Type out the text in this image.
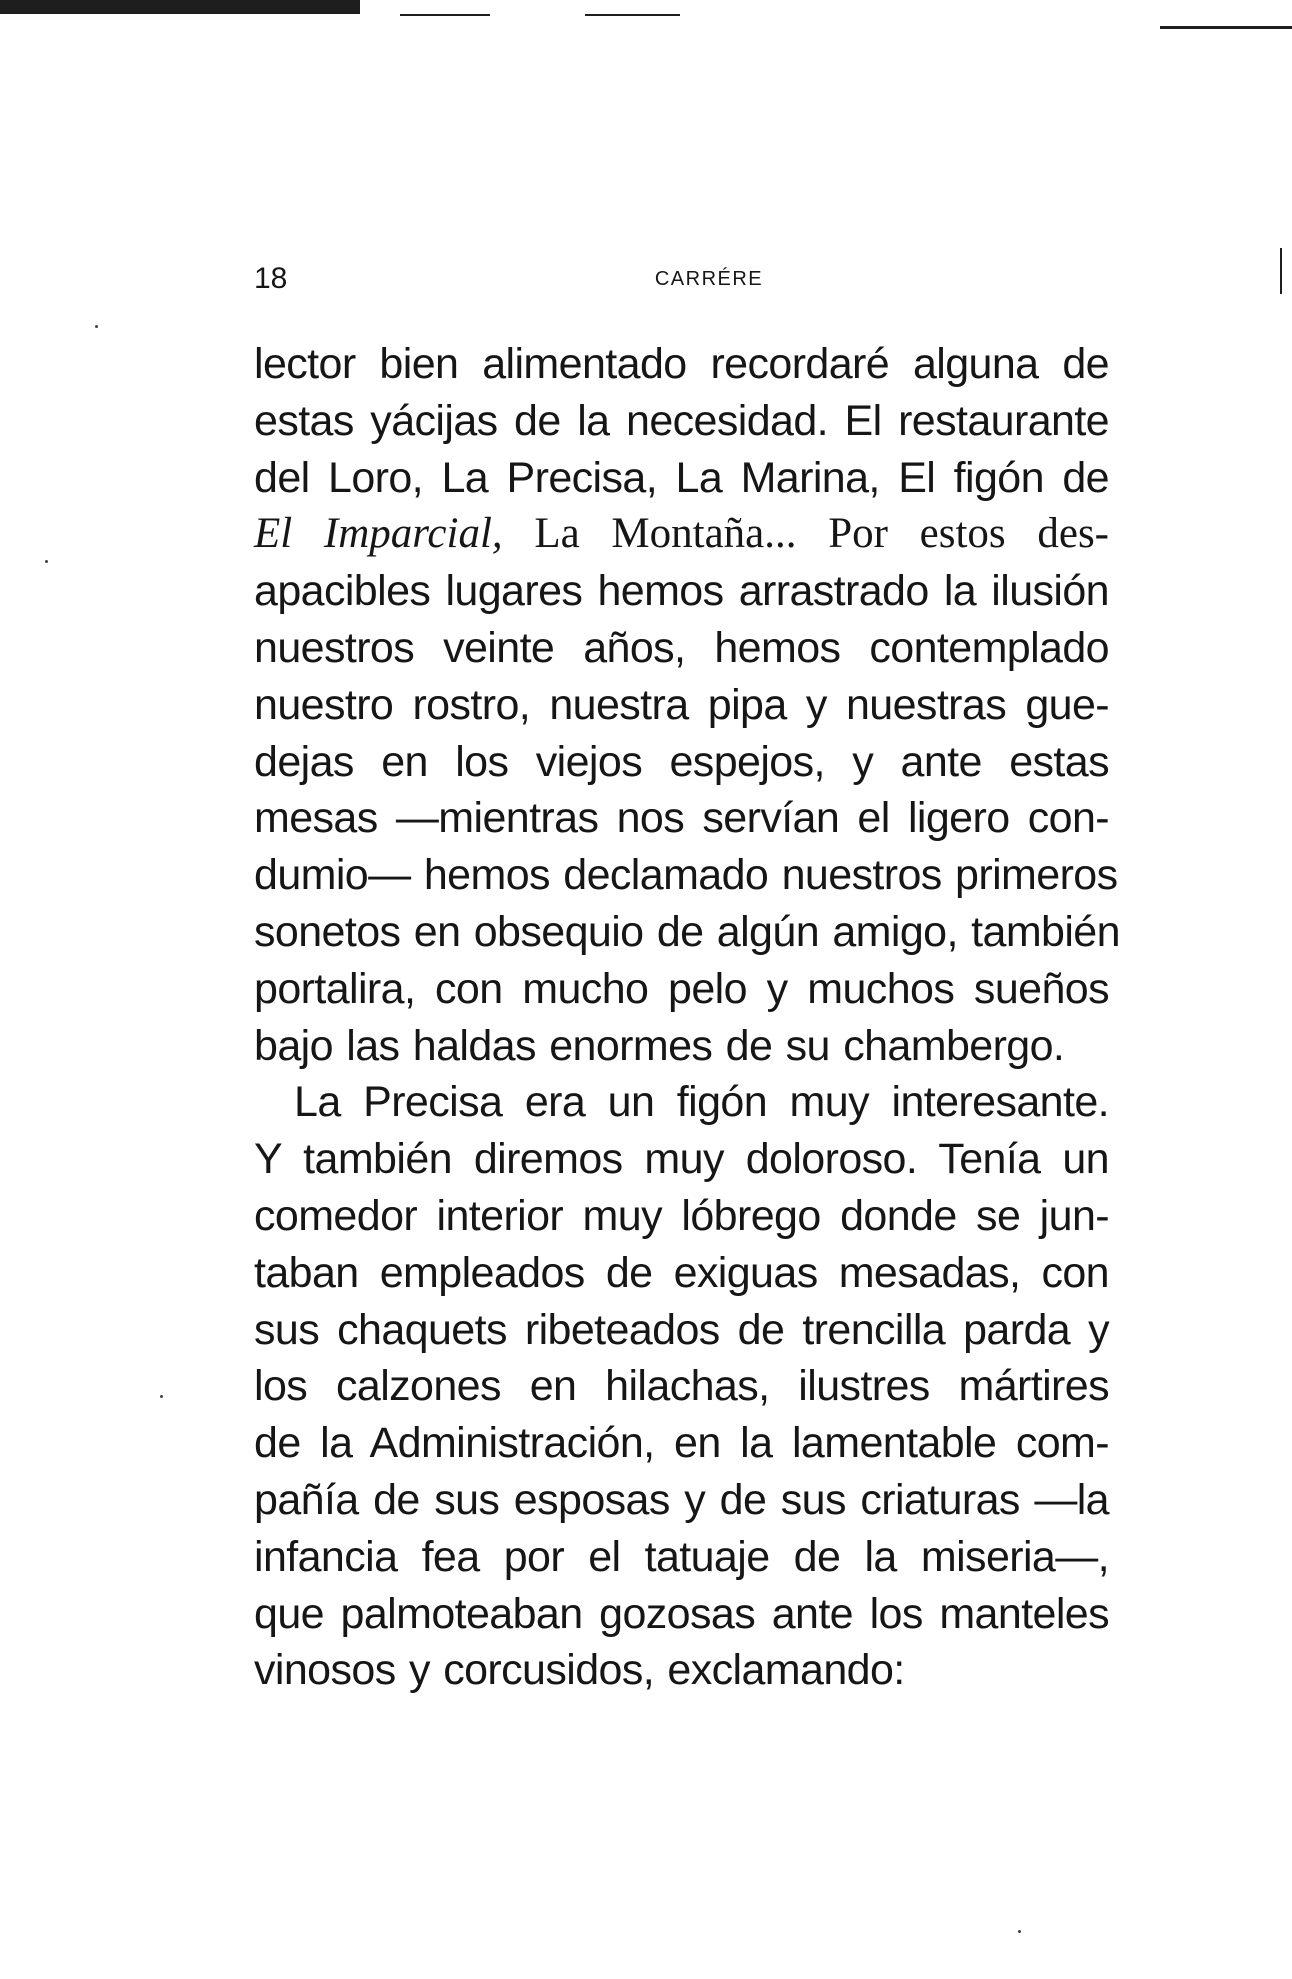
18	CARRÉRE
lector bien alimentado recordaré alguna de
estas yácijas de la necesidad. El restaurante
del Loro, La Precisa, La Marina, El figón de
El Imparcial, La Montaña... Por estos des-
apacibles lugares hemos arrastrado la ilusión
nuestros veinte años, hemos contemplado
nuestro rostro, nuestra pipa y nuestras gue-
dejas en los viejos espejos, y ante estas
mesas —mientras nos servían el ligero con-
dumio— hemos declamado nuestros primeros
sonetos en obsequio de algún amigo, también
portalira, con mucho pelo y muchos sueños
bajo las haldas enormes de su chambergo.
La Precisa era un figón muy interesante.
Y también diremos muy doloroso. Tenía un
comedor interior muy lóbrego donde se jun-
taban empleados de exiguas mesadas, con
sus chaquets ribeteados de trencilla parda y
los calzones en hilachas, ilustres mártires
de la Administración, en la lamentable com-
pañía de sus esposas y de sus criaturas —la
infancia fea por el tatuaje de la miseria—,
que palmoteaban gozosas ante los manteles
vinosos y corcusidos, exclamando:
